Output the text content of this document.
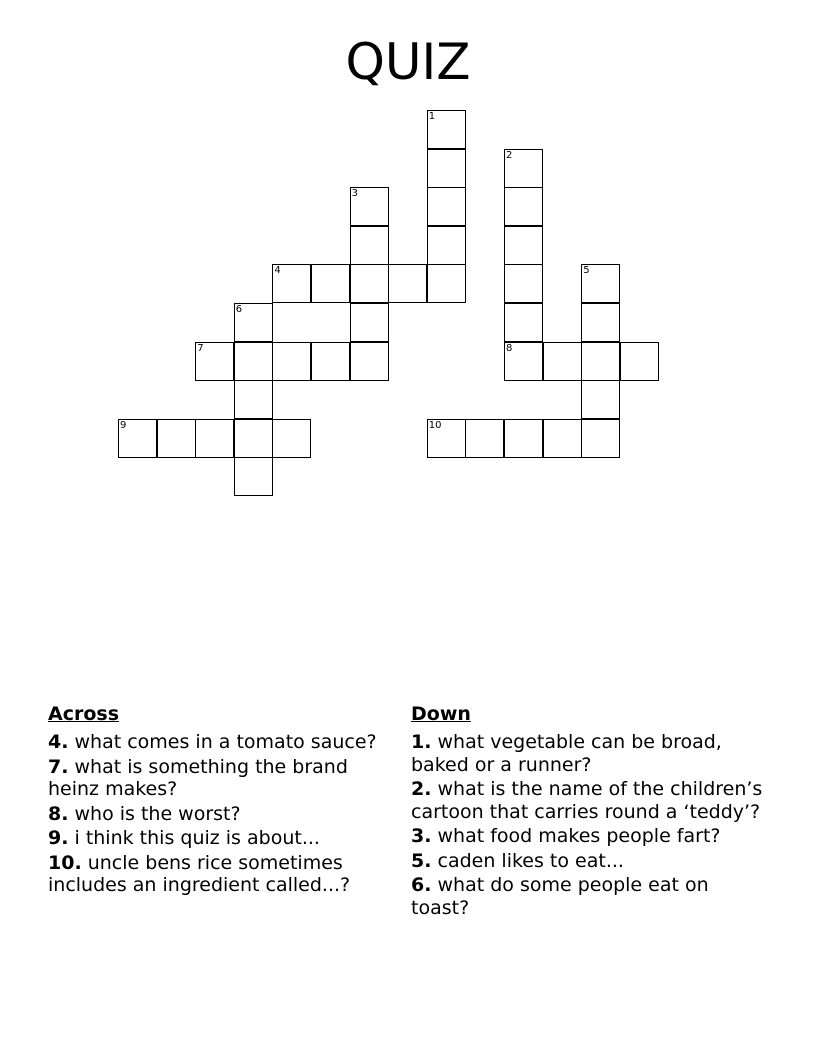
QUIZ
1
2
8
3
4	5
6
7
9	10
Across
4. what comes in a tomato sauce?
7. what is something the brand heinz makes?
8. who is the worst?
9. i think this quiz is about...
10. uncle bens rice sometimes includes an ingredient called...?
Down
1. what vegetable can be broad, baked or a runner?
2. what is the name of the children’s cartoon that carries round a ‘teddy’?
3. what food makes people fart?
5. caden likes to eat...
6. what do some people eat on toast?
